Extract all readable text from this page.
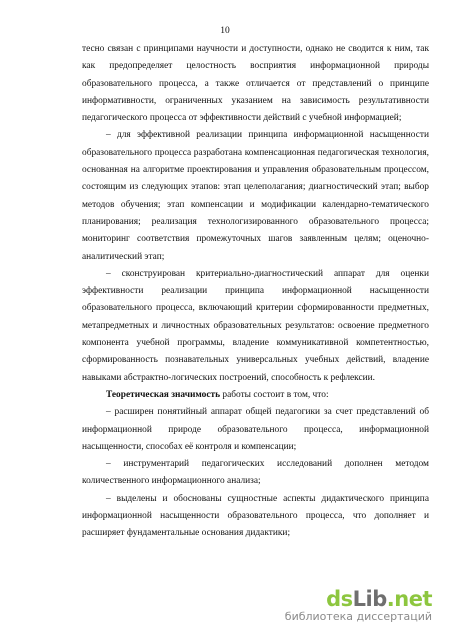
10

тесно связан с принципами научности и доступности, однако не сводится к ним, так как предопределяет целостность восприятия информационной природы образовательного процесса, а также отличается от представлений о принципе информативности, ограниченных указанием на зависимость результативности педагогического процесса от эффективности действий с учебной информацией;

– для эффективной реализации принципа информационной насыщенности образовательного процесса разработана компенсационная педагогическая технология, основанная на алгоритме проектирования и управления образовательным процессом, состоящим из следующих этапов: этап целеполагания; диагностический этап; выбор методов обучения; этап компенсации и модификации календарно-тематического планирования; реализация технологизированного образовательного процесса; мониторинг соответствия промежуточных шагов заявленным целям; оценочно-аналитический этап;

– сконструирован критериально-диагностический аппарат для оценки эффективности реализации принципа информационной насыщенности образовательного процесса, включающий критерии сформированности предметных, метапредметных и личностных образовательных результатов: освоение предметного компонента учебной программы, владение коммуникативной компетентностью, сформированность познавательных универсальных учебных действий, владение навыками абстрактно-логических построений, способность к рефлексии.

Теоретическая значимость работы состоит в том, что:

– расширен понятийный аппарат общей педагогики за счет представлений об информационной природе образовательного процесса, информационной насыщенности, способах её контроля и компенсации;

– инструментарий педагогических исследований дополнен методом количественного информационного анализа;

– выделены и обоснованы сущностные аспекты дидактического принципа информационной насыщенности образовательного процесса, что дополняет и расширяет фундаментальные основания дидактики;

dsLib.net
библиотека диссертаций
